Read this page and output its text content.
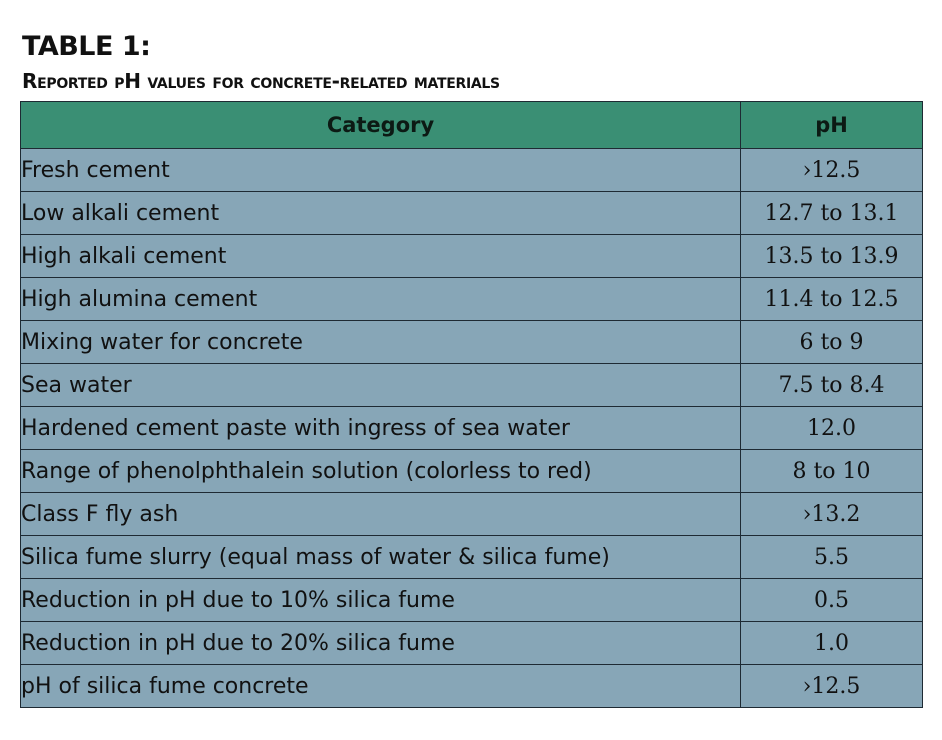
TABLE 1:
Reported pH values for concrete-related materials
Category	pH
Fresh cement	›12.5
Low alkali cement	12.7 to 13.1
High alkali cement	13.5 to 13.9
High alumina cement	11.4 to 12.5
Mixing water for concrete	6 to 9
Sea water	7.5 to 8.4
Hardened cement paste with ingress of sea water	12.0
Range of phenolphthalein solution (colorless to red)	8 to 10
Class F fly ash	›13.2
Silica fume slurry (equal mass of water & silica fume)	5.5
Reduction in pH due to 10% silica fume	0.5
Reduction in pH due to 20% silica fume	1.0
pH of silica fume concrete	›12.5
